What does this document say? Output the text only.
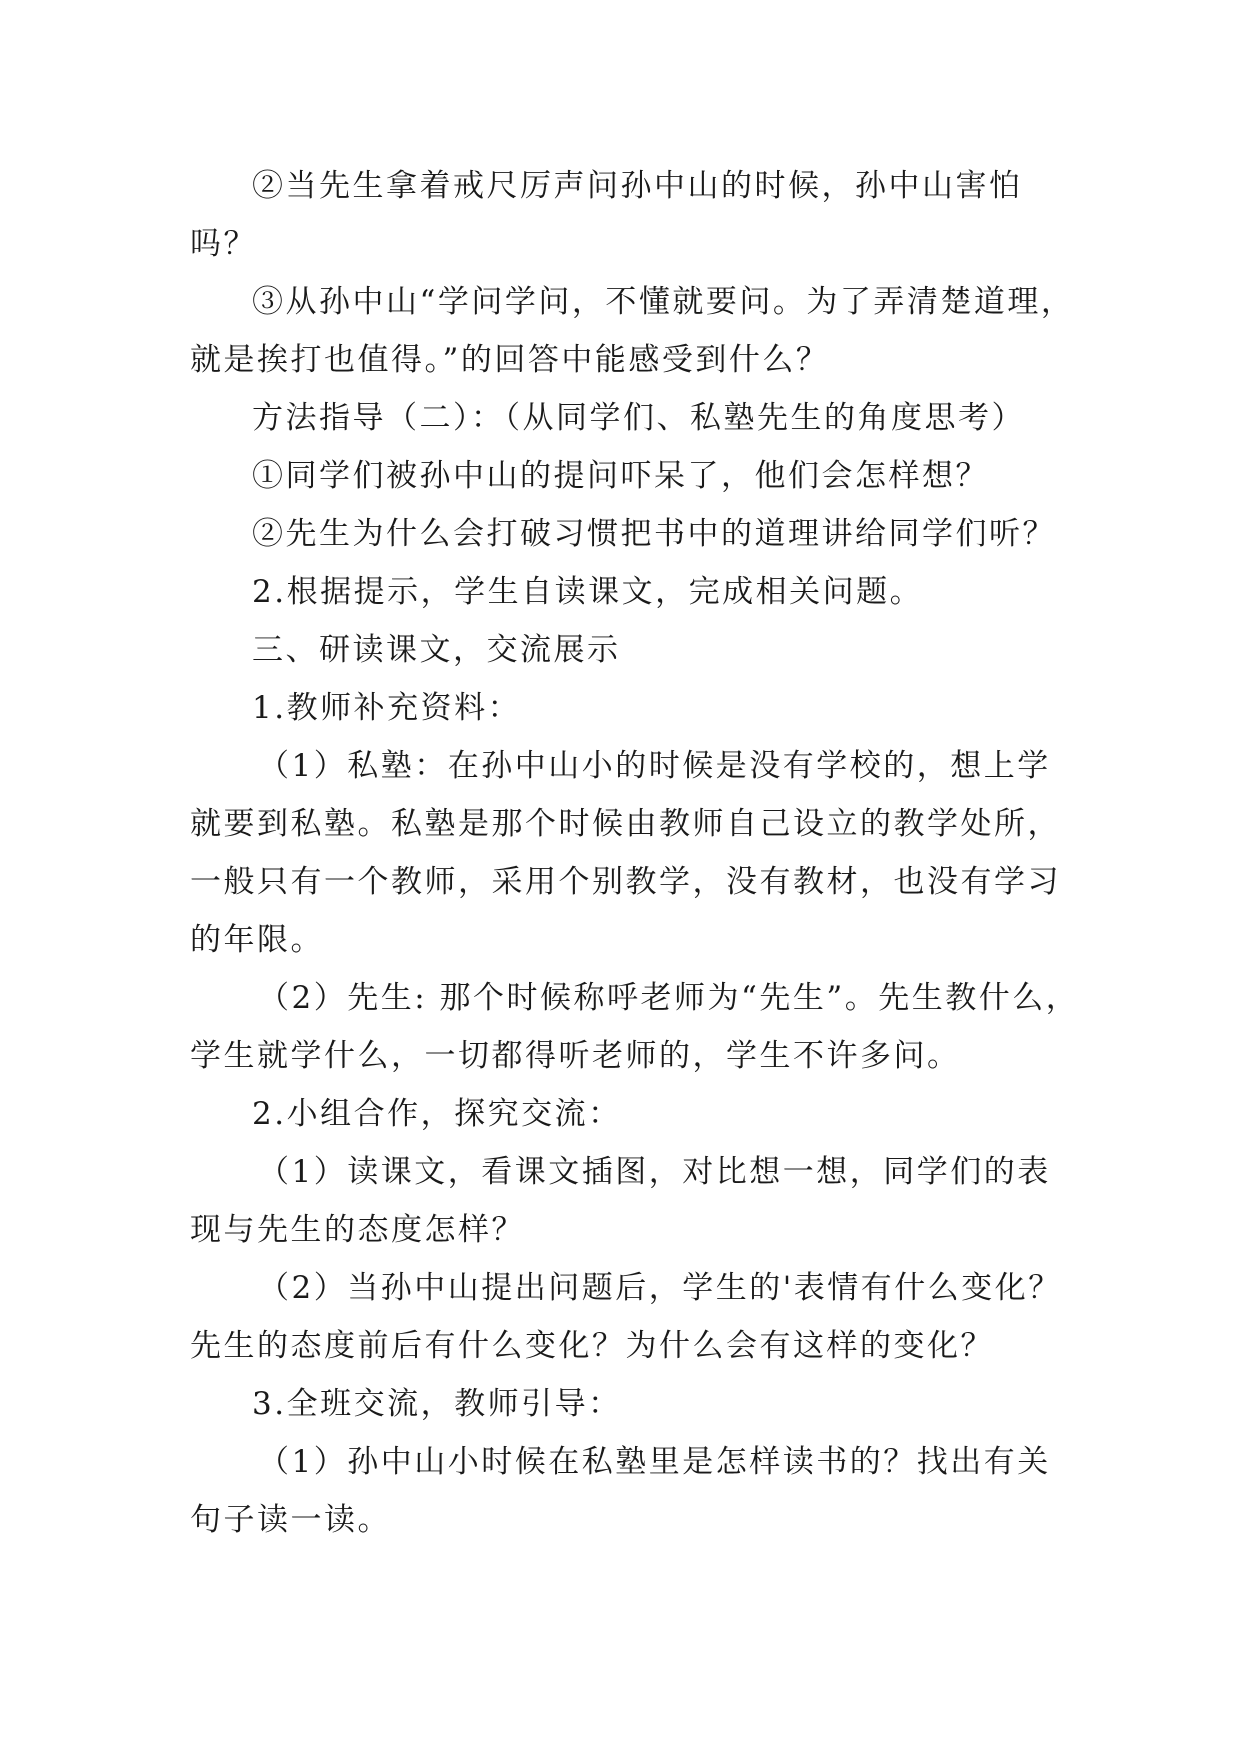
②当先生拿着戒尺厉声问孙中山的时候，孙中山害怕
吗？
③从孙中山“学问学问，不懂就要问。为了弄清楚道理，
就是挨打也值得。”的回答中能感受到什么？
方法指导（二）：（从同学们、私塾先生的角度思考）
①同学们被孙中山的提问吓呆了，他们会怎样想？
②先生为什么会打破习惯把书中的道理讲给同学们听？
2.根据提示，学生自读课文，完成相关问题。
三、研读课文，交流展示
1.教师补充资料：
（1）私塾：在孙中山小的时候是没有学校的，想上学
就要到私塾。私塾是那个时候由教师自己设立的教学处所，
一般只有一个教师，采用个别教学，没有教材，也没有学习
的年限。
（2）先生: 那个时候称呼老师为“先生”。先生教什么，
学生就学什么，一切都得听老师的，学生不许多问。
2.小组合作，探究交流：
（1）读课文，看课文插图，对比想一想，同学们的表
现与先生的态度怎样？
（2）当孙中山提出问题后，学生的'表情有什么变化？
先生的态度前后有什么变化？为什么会有这样的变化？
3.全班交流，教师引导：
（1）孙中山小时候在私塾里是怎样读书的？找出有关
句子读一读。
